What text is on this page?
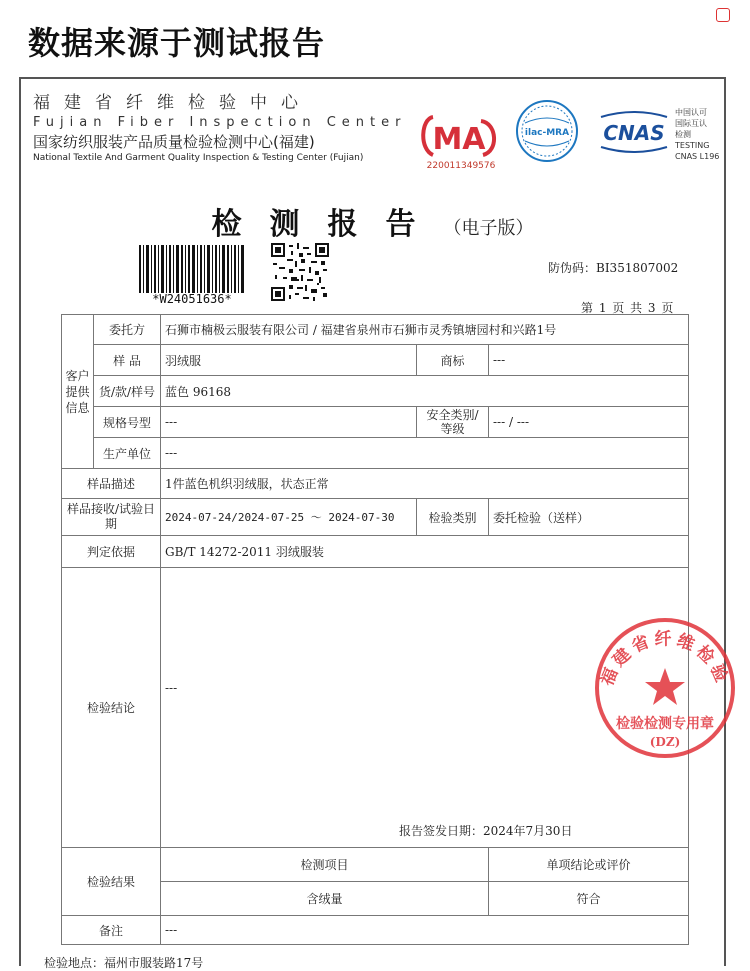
数据来源于测试报告
福建省纤维检验中心
Fujian Fiber Inspection Center
国家纺织服装产品质量检验检测中心(福建)
National Textile And Garment Quality Inspection & Testing Center (Fujian)
MA
220011349576
ilac-MRA CNAS
中国认可
国际互认
检测
TESTING
CNAS L196
检测报告（电子版）
*W24051636*
防伪码：BI351807002
第 1 页 共 3 页
客户提供信息	委托方	石狮市楠极云服装有限公司 / 福建省泉州市石狮市灵秀镇塘园村和兴路1号		
	样 品	羽绒服	商标	---
	货/款/样号	蓝色 96168		
	规格号型	---	安全类别/等级	--- / ---
	生产单位	---		
样品描述		1件蓝色机织羽绒服，状态正常		
样品接收/试验日期		2024-07-24/2024-07-25 ～ 2024-07-30	检验类别	委托检验（送样）
判定依据		GB/T 14272-2011 羽绒服装		
检验结论		---
报告签发日期：2024年7月30日		

检验结果		检测项目		单项结论或评价
		含绒量		符合
备注		---		
福建省纤维检验
检验检测专用章
(DZ)
检验地点：福州市服装路17号
